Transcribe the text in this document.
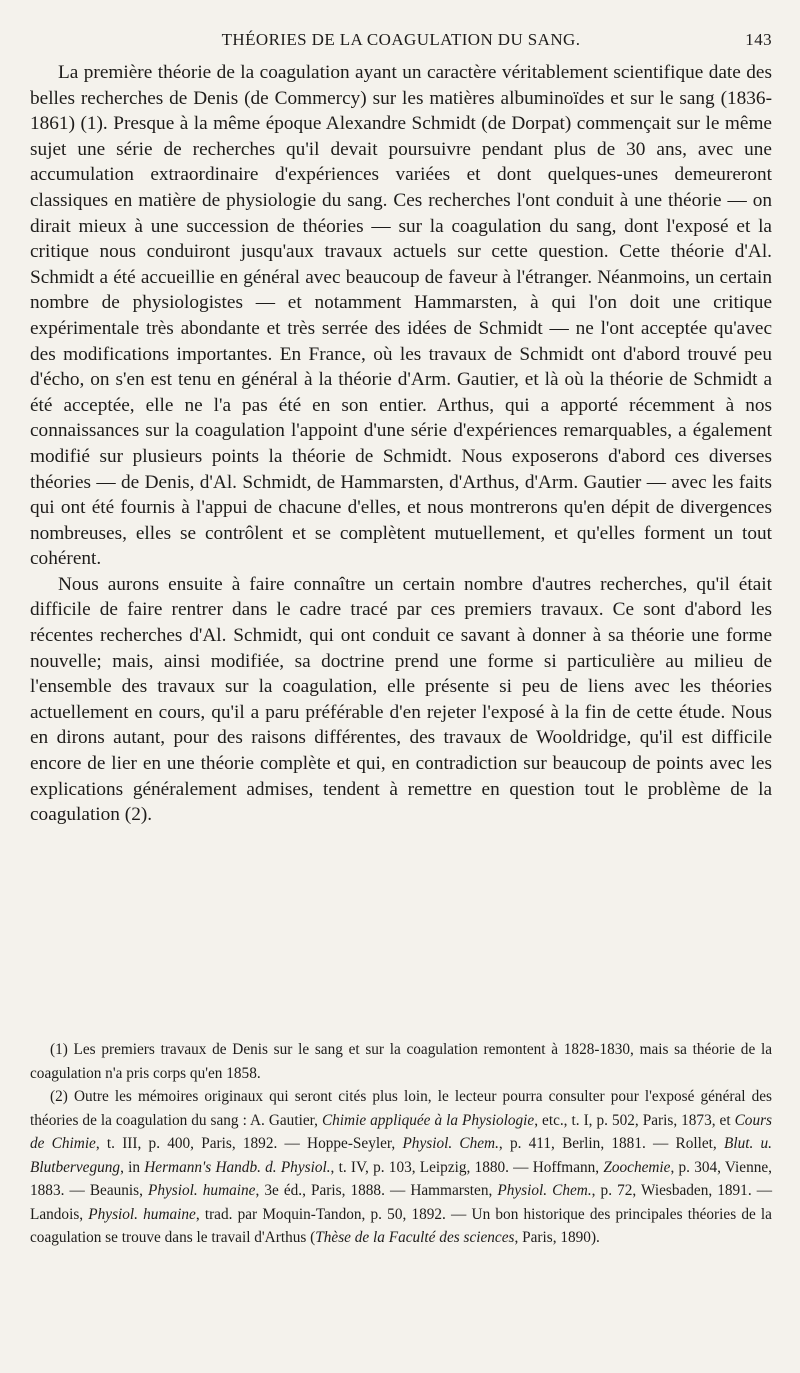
THÉORIES DE LA COAGULATION DU SANG.	143

La première théorie de la coagulation ayant un caractère véritablement scientifique date des belles recherches de Denis (de Commercy) sur les matières albuminoïdes et sur le sang (1836-1861) (1). Presque à la même époque Alexandre Schmidt (de Dorpat) commençait sur le même sujet une série de recherches qu'il devait poursuivre pendant plus de 30 ans, avec une accumulation extraordinaire d'expériences variées et dont quelques-unes demeureront classiques en matière de physiologie du sang. Ces recherches l'ont conduit à une théorie — on dirait mieux à une succession de théories — sur la coagulation du sang, dont l'exposé et la critique nous conduiront jusqu'aux travaux actuels sur cette question. Cette théorie d'Al. Schmidt a été accueillie en général avec beaucoup de faveur à l'étranger. Néanmoins, un certain nombre de physiologistes — et notamment Hammarsten, à qui l'on doit une critique expérimentale très abondante et très serrée des idées de Schmidt — ne l'ont acceptée qu'avec des modifications importantes. En France, où les travaux de Schmidt ont d'abord trouvé peu d'écho, on s'en est tenu en général à la théorie d'Arm. Gautier, et là où la théorie de Schmidt a été acceptée, elle ne l'a pas été en son entier. Arthus, qui a apporté récemment à nos connaissances sur la coagulation l'appoint d'une série d'expériences remarquables, a également modifié sur plusieurs points la théorie de Schmidt. Nous exposerons d'abord ces diverses théories — de Denis, d'Al. Schmidt, de Hammarsten, d'Arthus, d'Arm. Gautier — avec les faits qui ont été fournis à l'appui de chacune d'elles, et nous montrerons qu'en dépit de divergences nombreuses, elles se contrôlent et se complètent mutuellement, et qu'elles forment un tout cohérent.

Nous aurons ensuite à faire connaître un certain nombre d'autres recherches, qu'il était difficile de faire rentrer dans le cadre tracé par ces premiers travaux. Ce sont d'abord les récentes recherches d'Al. Schmidt, qui ont conduit ce savant à donner à sa théorie une forme nouvelle; mais, ainsi modifiée, sa doctrine prend une forme si particulière au milieu de l'ensemble des travaux sur la coagulation, elle présente si peu de liens avec les théories actuellement en cours, qu'il a paru préférable d'en rejeter l'exposé à la fin de cette étude. Nous en dirons autant, pour des raisons différentes, des travaux de Wooldridge, qu'il est difficile encore de lier en une théorie complète et qui, en contradiction sur beaucoup de points avec les explications généralement admises, tendent à remettre en question tout le problème de la coagulation (2).

(1) Les premiers travaux de Denis sur le sang et sur la coagulation remontent à 1828-1830, mais sa théorie de la coagulation n'a pris corps qu'en 1858.

(2) Outre les mémoires originaux qui seront cités plus loin, le lecteur pourra consulter pour l'exposé général des théories de la coagulation du sang : A. Gautier, Chimie appliquée à la Physiologie, etc., t. I, p. 502, Paris, 1873, et Cours de Chimie, t. III, p. 400, Paris, 1892. — Hoppe-Seyler, Physiol. Chem., p. 411, Berlin, 1881. — Rollet, Blut. u. Blutbervegung, in Hermann's Handb. d. Physiol., t. IV, p. 103, Leipzig, 1880. — Hoffmann, Zoochemie, p. 304, Vienne, 1883. — Beaunis, Physiol. humaine, 3e éd., Paris, 1888. — Hammarsten, Physiol. Chem., p. 72, Wiesbaden, 1891. — Landois, Physiol. humaine, trad. par Moquin-Tandon, p. 50, 1892. — Un bon historique des principales théories de la coagulation se trouve dans le travail d'Arthus (Thèse de la Faculté des sciences, Paris, 1890).
